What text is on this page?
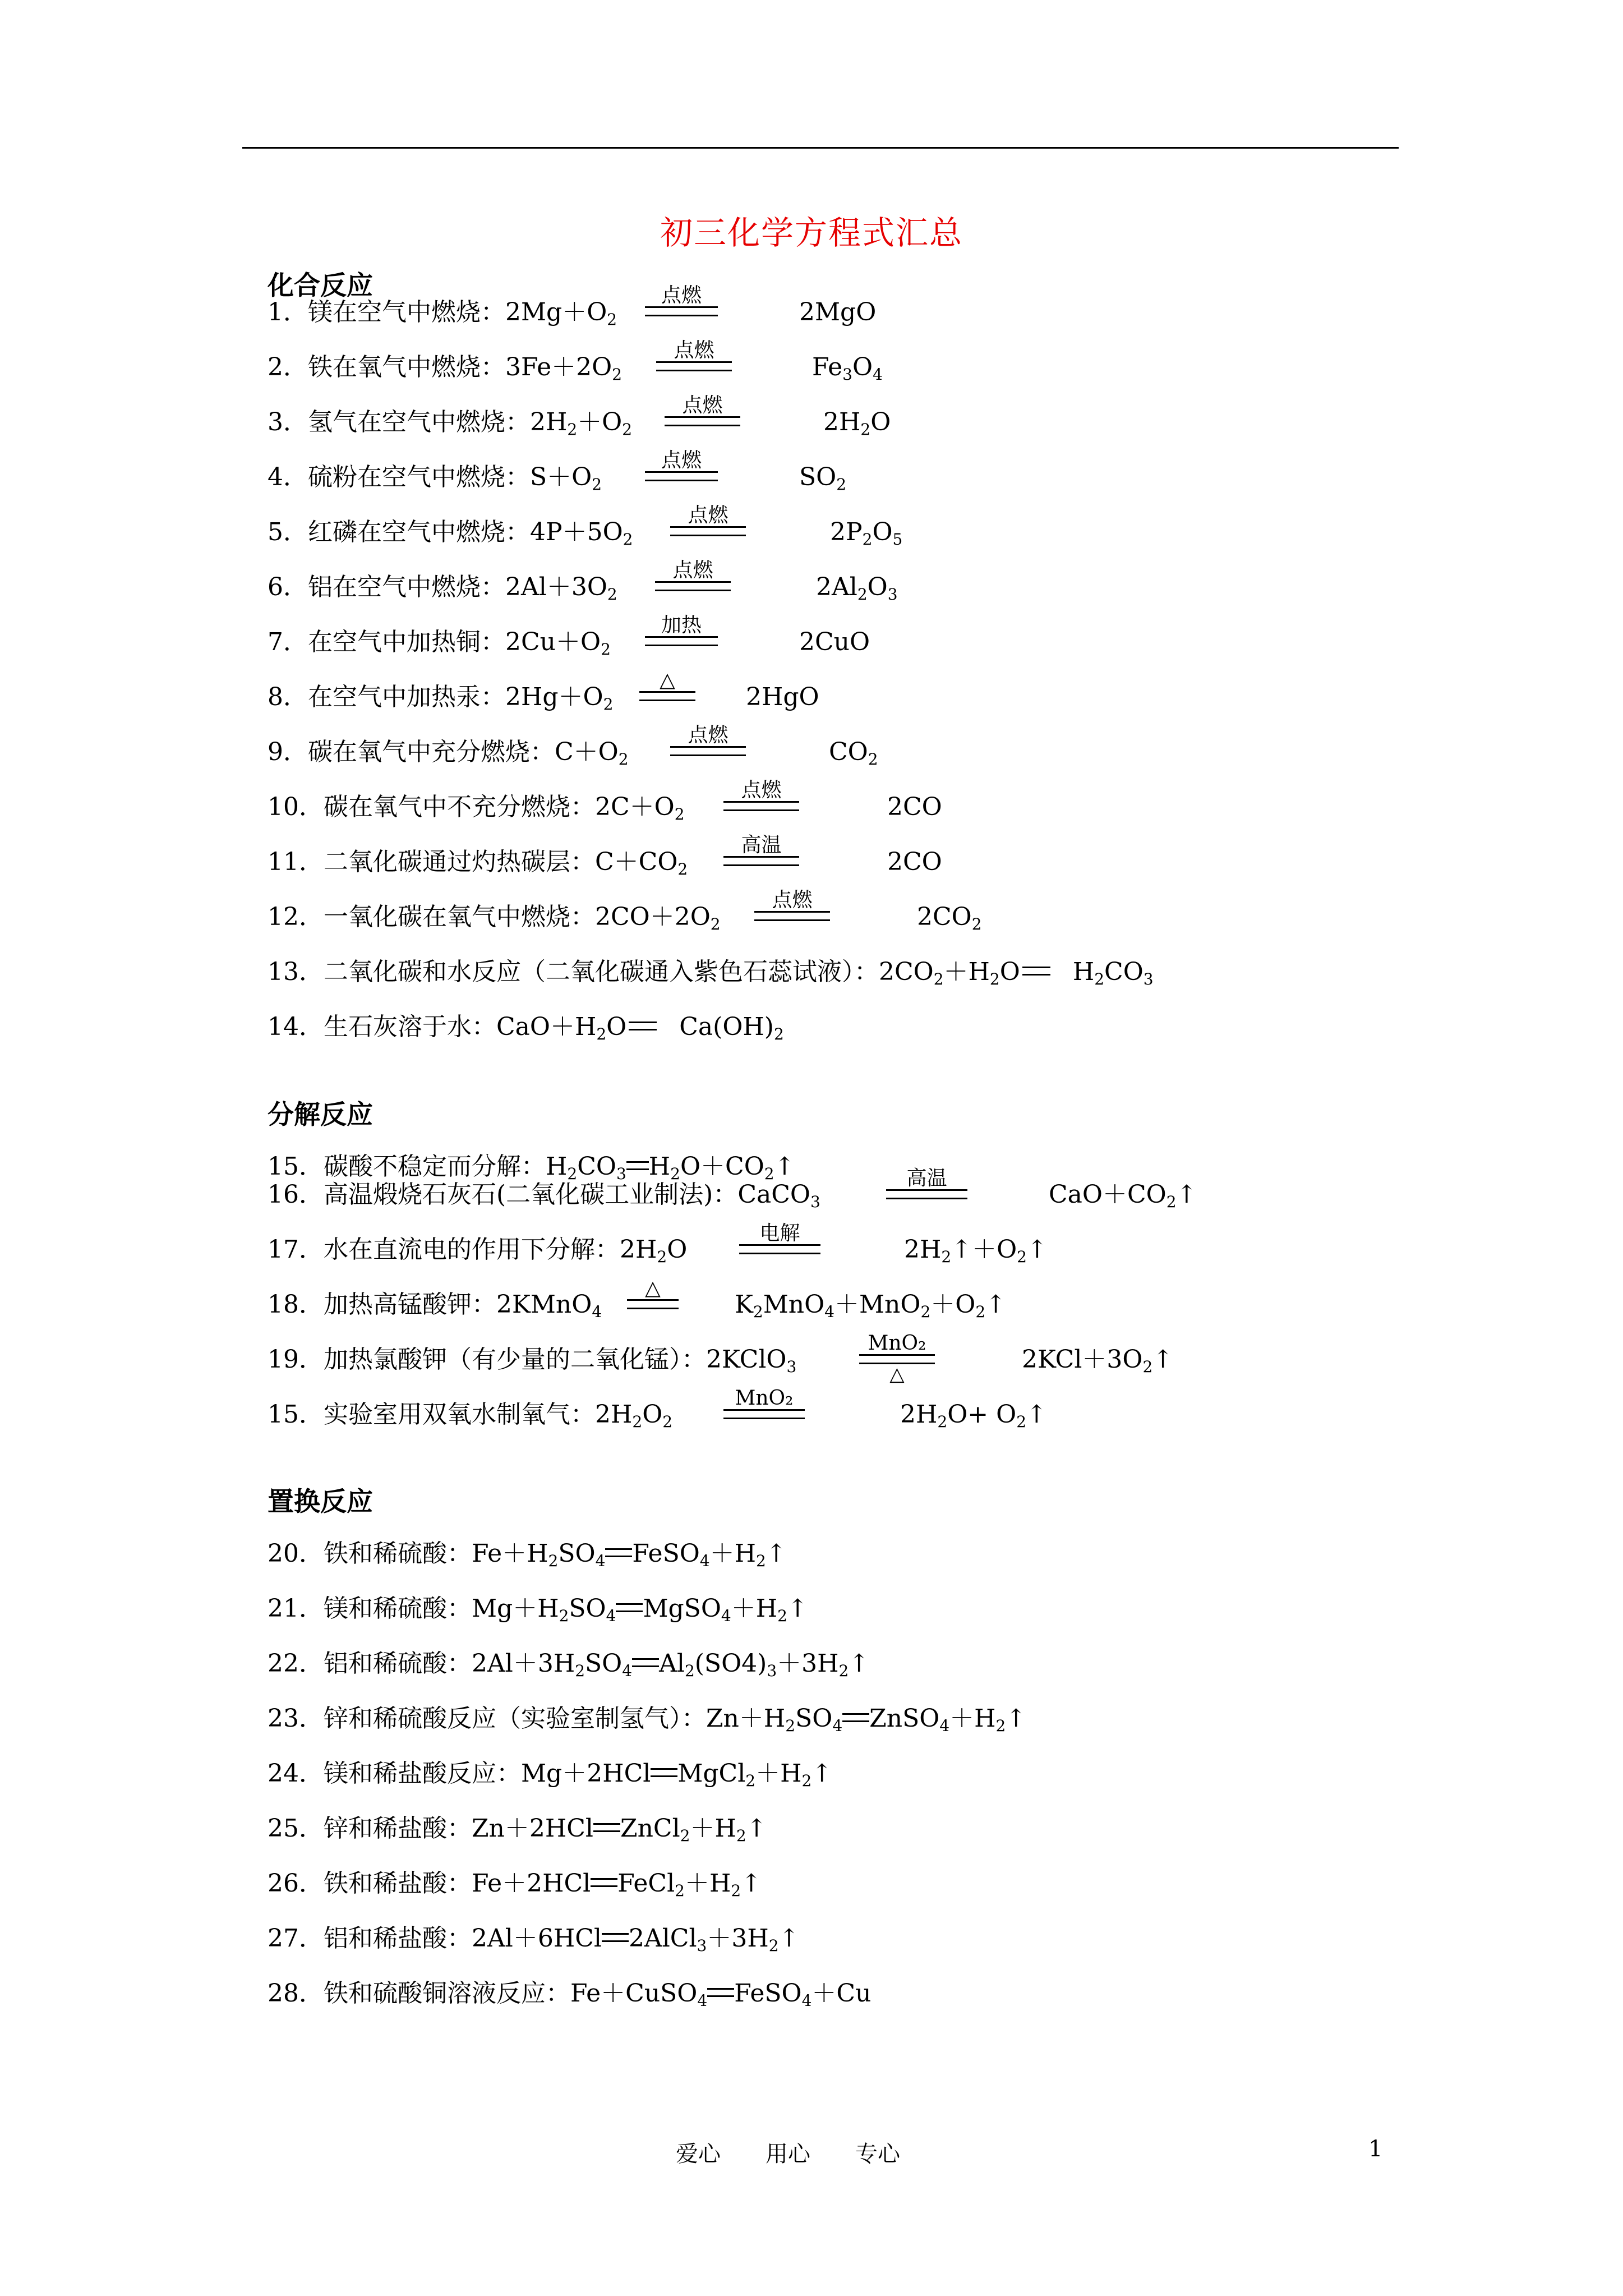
初三化学方程式汇总
化合反应
1．镁在空气中燃烧：$2Mg+O_2$
点燃
2MgO
2．铁在氧气中燃烧：$3Fe+2O_2$
点燃
$Fe_3O_4$
3．氢气在空气中燃烧：$2H_2+O_2$
点燃
$2H_2O$
4．硫粉在空气中燃烧：$S+O_2$
点燃
$SO_2$
5．红磷在空气中燃烧：$4P+5O_2$
点燃
$2P_2O_5$
6．铝在空气中燃烧：$2Al+3O_2$
点燃
$2Al_2O_3$
7．在空气中加热铜：$2Cu+O_2$
加热
2CuO
8．在空气中加热汞：$2Hg+O_2$
△
2HgO
9．碳在氧气中充分燃烧：$C+O_2$
点燃
$CO_2$
10．碳在氧气中不充分燃烧：$2C+O_2$
点燃
2CO
11．二氧化碳通过灼热碳层：$C+CO_2$
高温
2CO
12．一氧化碳在氧气中燃烧：$2CO+2O_2$
点燃
$2CO_2$
13．二氧化碳和水反应（二氧化碳通入紫色石蕊试液）：$2CO_2+H_2O$ $H_2CO_3$
14．生石灰溶于水：$CaO+H_2O$ $Ca(OH)_2$
分解反应
15．碳酸不稳定而分解：$H_2CO_3$ $H_2O+CO_2↑$
16．高温煅烧石灰石(二氧化碳工业制法)：CaCO$_3$
高温
$CaO+CO_2↑$
17．水在直流电的作用下分解：$2H_2O$
电解
$2H_2↑+O_2↑$
18．加热高锰酸钾：2KMnO$_4$
△
$K_2MnO_4+MnO_2+O_2↑$
19．加热氯酸钾（有少量的二氧化锰）：2KClO$_3$
MnO₂
△
$2KCl+3O_2↑$
15．实验室用双氧水制氧气：$2H_2O_2$
MnO₂
$2H_2O+$ $O_2↑$
置换反应
20．铁和稀硫酸：$Fe+H_2SO_4$ $FeSO_4+H_2↑$
21．镁和稀硫酸：$Mg+H_2SO_4$ $MgSO_4+H_2↑$
22．铝和稀硫酸：$2Al+3H_2SO_4$ $Al_2(SO4)_3+3H_2↑$
23．锌和稀硫酸反应（实验室制氢气）：$Zn+H_2SO_4$ $ZnSO_4+H_2↑$
24．镁和稀盐酸反应：Mg＋2HCl $MgCl_2+H_2↑$
25．锌和稀盐酸：Zn＋2HCl $ZnCl_2+H_2↑$
26．铁和稀盐酸：Fe＋2HCl $FeCl_2+H_2↑$
27．铝和稀盐酸：2Al＋6HCl $2AlCl_3+3H_2↑$
28．铁和硫酸铜溶液反应：Fe＋CuSO$_4$ FeSO$_4$＋Cu
爱心　　用心　　专心	1
